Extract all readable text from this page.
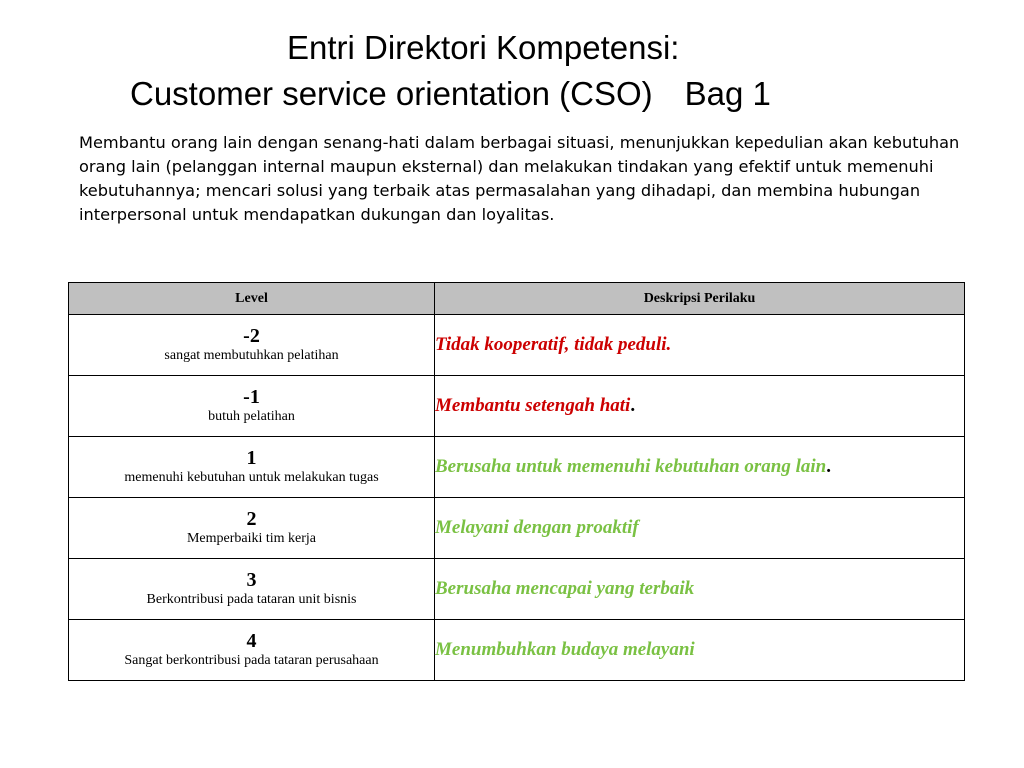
Entri Direktori Kompetensi:
Customer service orientation (CSO) Bag 1
Membantu orang lain dengan senang-hati dalam berbagai situasi, menunjukkan kepedulian akan kebutuhan orang lain (pelanggan internal maupun eksternal) dan melakukan tindakan yang efektif untuk memenuhi kebutuhannya; mencari solusi yang terbaik atas permasalahan yang dihadapi, dan membina hubungan interpersonal untuk mendapatkan dukungan dan loyalitas.
Level	Deskripsi Perilaku

-2
sangat membutuhkan pelatihan	Tidak kooperatif, tidak peduli.

-1
butuh pelatihan	Membantu setengah hati.

1
memenuhi kebutuhan untuk melakukan tugas	Berusaha untuk memenuhi kebutuhan orang lain.

2
Memperbaiki tim kerja	Melayani dengan proaktif

3
Berkontribusi pada tataran unit bisnis	Berusaha mencapai yang terbaik

4
Sangat berkontribusi pada tataran perusahaan	Menumbuhkan budaya melayani
